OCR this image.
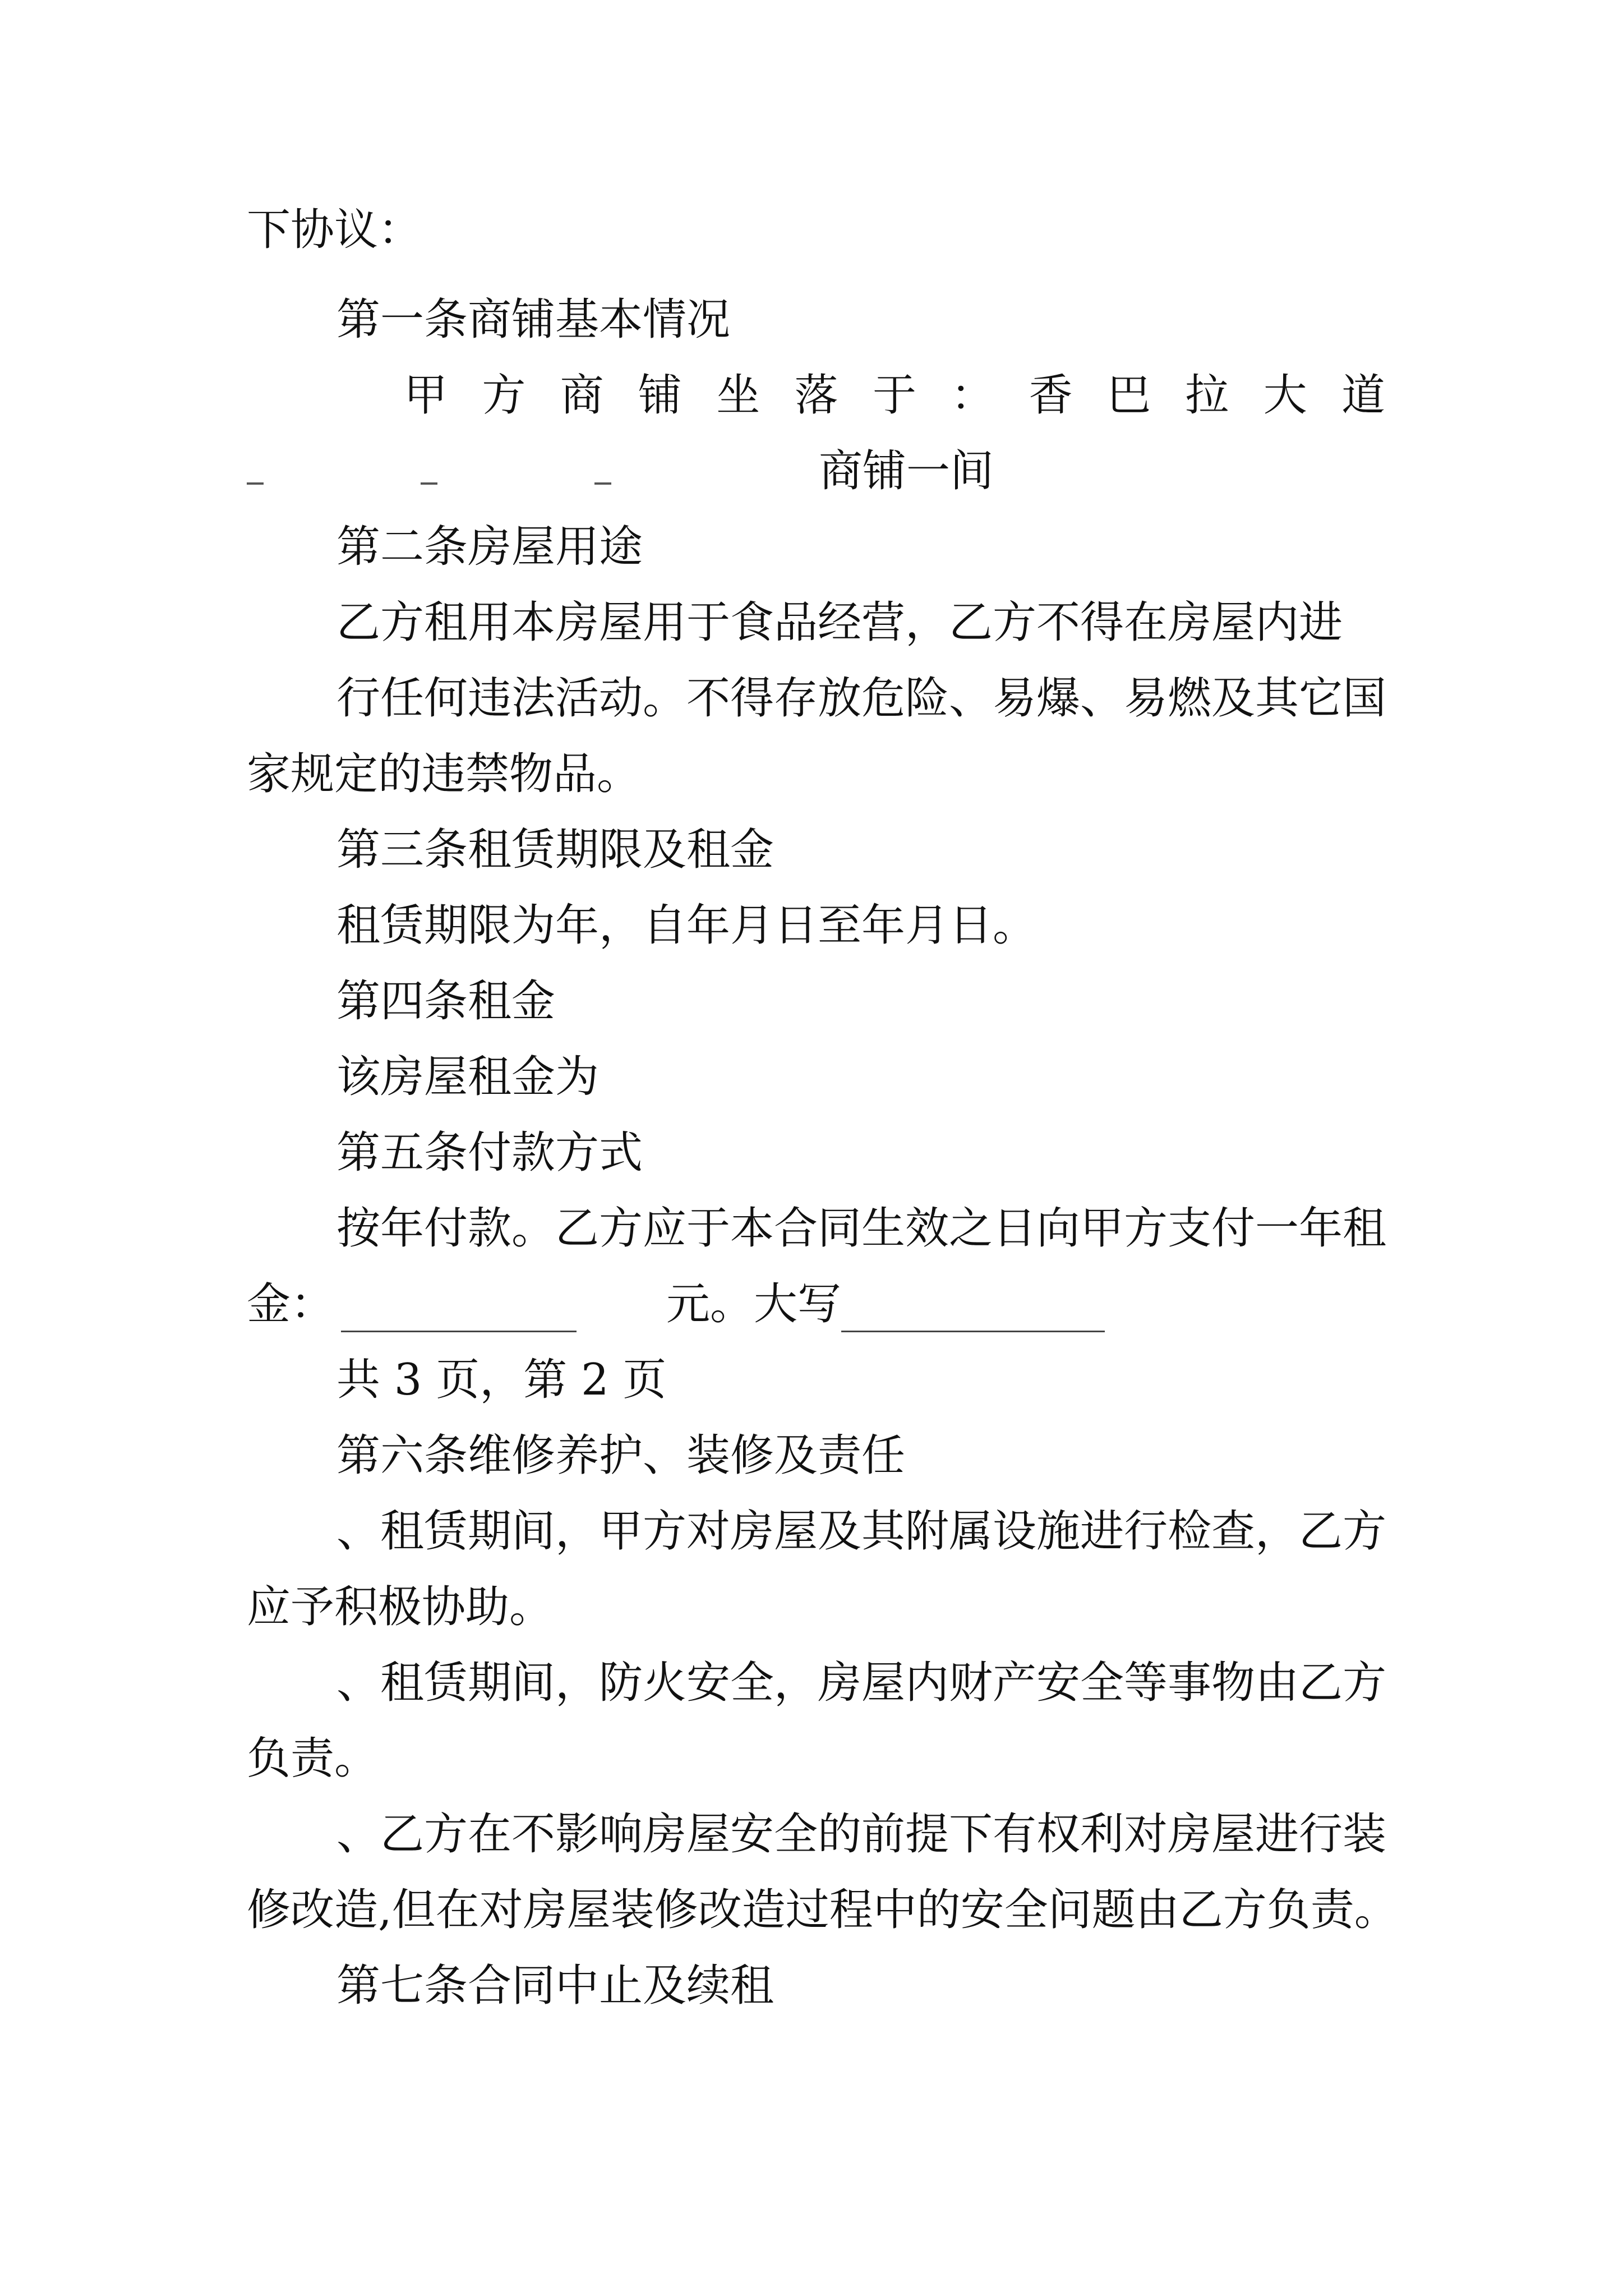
下协议：
第一条商铺基本情况
甲 方 商 铺 坐 落 于 ： 香 巴 拉 大 道
商铺一间
第二条房屋用途
乙方租用本房屋用于食品经营，乙方不得在房屋内进
行任何违法活动。不得存放危险、易爆、易燃及其它国
家规定的违禁物品。
第三条租赁期限及租金
租赁期限为年，自年月日至年月日。
第四条租金
该房屋租金为
第五条付款方式
按年付款。乙方应于本合同生效之日向甲方支付一年租
金：	元。大写
共 3 页，第 2 页
第六条维修养护、装修及责任
、租赁期间，甲方对房屋及其附属设施进行检查，乙方
应予积极协助。
、租赁期间，防火安全，房屋内财产安全等事物由乙方
负责。
、乙方在不影响房屋安全的前提下有权利对房屋进行装
修改造,但在对房屋装修改造过程中的安全问题由乙方负责。
第七条合同中止及续租
